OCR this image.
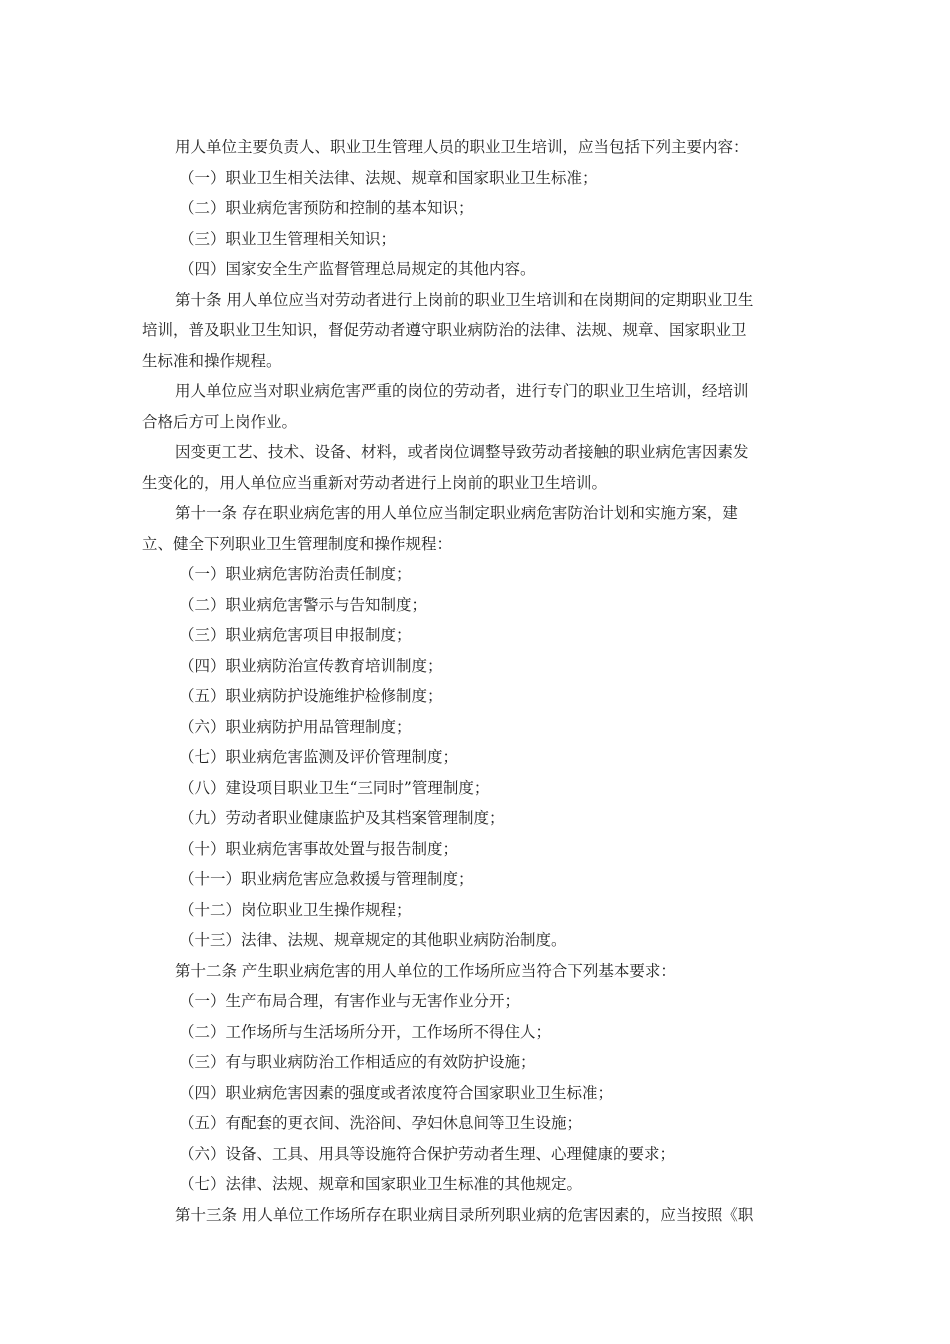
用人单位主要负责人、职业卫生管理人员的职业卫生培训，应当包括下列主要内容：
（一）职业卫生相关法律、法规、规章和国家职业卫生标准；
（二）职业病危害预防和控制的基本知识；
（三）职业卫生管理相关知识；
（四）国家安全生产监督管理总局规定的其他内容。
第十条 用人单位应当对劳动者进行上岗前的职业卫生培训和在岗期间的定期职业卫生
培训，普及职业卫生知识，督促劳动者遵守职业病防治的法律、法规、规章、国家职业卫
生标准和操作规程。
用人单位应当对职业病危害严重的岗位的劳动者，进行专门的职业卫生培训，经培训
合格后方可上岗作业。
因变更工艺、技术、设备、材料，或者岗位调整导致劳动者接触的职业病危害因素发
生变化的，用人单位应当重新对劳动者进行上岗前的职业卫生培训。
第十一条 存在职业病危害的用人单位应当制定职业病危害防治计划和实施方案，建
立、健全下列职业卫生管理制度和操作规程：
（一）职业病危害防治责任制度；
（二）职业病危害警示与告知制度；
（三）职业病危害项目申报制度；
（四）职业病防治宣传教育培训制度；
（五）职业病防护设施维护检修制度；
（六）职业病防护用品管理制度；
（七）职业病危害监测及评价管理制度；
（八）建设项目职业卫生“三同时”管理制度；
（九）劳动者职业健康监护及其档案管理制度；
（十）职业病危害事故处置与报告制度；
（十一）职业病危害应急救援与管理制度；
（十二）岗位职业卫生操作规程；
（十三）法律、法规、规章规定的其他职业病防治制度。
第十二条 产生职业病危害的用人单位的工作场所应当符合下列基本要求：
（一）生产布局合理，有害作业与无害作业分开；
（二）工作场所与生活场所分开，工作场所不得住人；
（三）有与职业病防治工作相适应的有效防护设施；
（四）职业病危害因素的强度或者浓度符合国家职业卫生标准；
（五）有配套的更衣间、洗浴间、孕妇休息间等卫生设施；
（六）设备、工具、用具等设施符合保护劳动者生理、心理健康的要求；
（七）法律、法规、规章和国家职业卫生标准的其他规定。
第十三条 用人单位工作场所存在职业病目录所列职业病的危害因素的，应当按照《职
